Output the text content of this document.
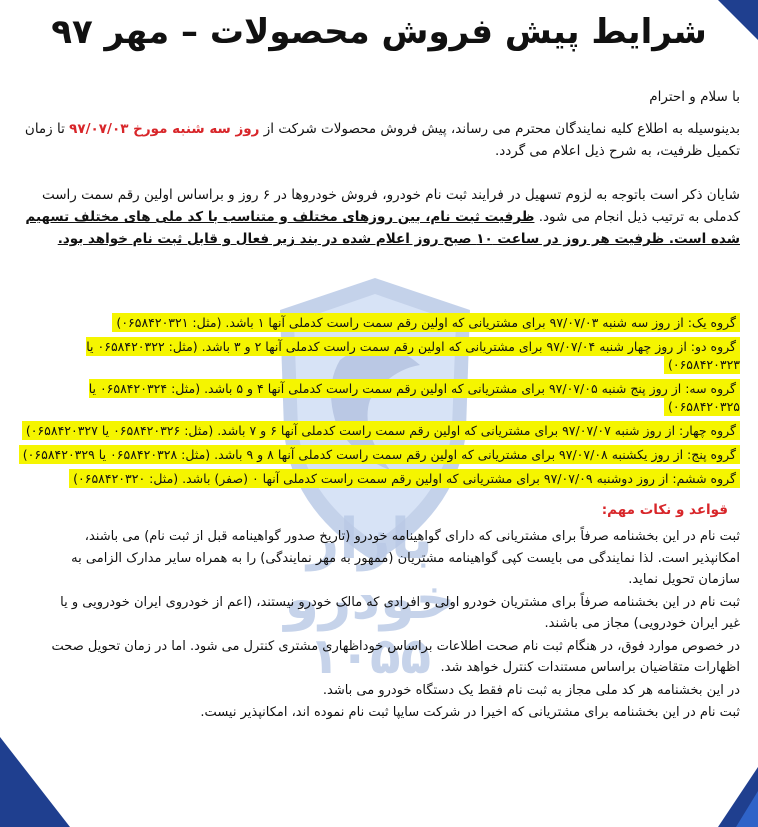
بازار خودرو
۱۰۵۵
شرایط پیش فروش محصولات – مهر ۹۷
با سلام و احترام
بدینوسیله به اطلاع کلیه نمایندگان محترم می رساند، پیش فروش محصولات شرکت از روز سه شنبه مورخ ۹۷/۰۷/۰۳ تا زمان تکمیل ظرفیت، به شرح ذیل اعلام می گردد.
شایان ذکر است باتوجه به لزوم تسهیل در فرایند ثبت نام خودرو، فروش خودروها در ۶ روز و براساس اولین رقم سمت راست کدملی به ترتیب ذیل انجام می شود. ظرفیت ثبت نام، بین روزهای مختلف و متناسب با کد ملی های مختلف تسهیم شده است. ظرفیت هر روز در ساعت ۱۰ صبح روز اعلام شده در بند زیر فعال و قابل ثبت نام خواهد بود.
گروه یک: از روز سه شنبه ۹۷/۰۷/۰۳ برای مشتریانی که اولین رقم سمت راست کدملی آنها ۱ باشد. (مثل: ۰۶۵۸۴۲۰۳۲۱)
گروه دو: از روز چهار شنبه ۹۷/۰۷/۰۴ برای مشتریانی که اولین رقم سمت راست کدملی آنها ۲ و ۳ باشد. (مثل: ۰۶۵۸۴۲۰۳۲۲ یا ۰۶۵۸۴۲۰۳۲۳)
گروه سه: از روز پنج شنبه ۹۷/۰۷/۰۵ برای مشتریانی که اولین رقم سمت راست کدملی آنها ۴ و ۵ باشد. (مثل: ۰۶۵۸۴۲۰۳۲۴ یا ۰۶۵۸۴۲۰۳۲۵)
گروه چهار: از روز شنبه ۹۷/۰۷/۰۷ برای مشتریانی که اولین رقم سمت راست کدملی آنها ۶ و ۷ باشد. (مثل: ۰۶۵۸۴۲۰۳۲۶ یا ۰۶۵۸۴۲۰۳۲۷)
گروه پنج: از روز یکشنبه ۹۷/۰۷/۰۸ برای مشتریانی که اولین رقم سمت راست کدملی آنها ۸ و ۹ باشد. (مثل: ۰۶۵۸۴۲۰۳۲۸ یا ۰۶۵۸۴۲۰۳۲۹)
گروه ششم: از روز دوشنبه ۹۷/۰۷/۰۹ برای مشتریانی که اولین رقم سمت راست کدملی آنها ۰ (صفر) باشد. (مثل: ۰۶۵۸۴۲۰۳۲۰)
قواعد و نکات مهم:

ثبت نام در این بخشنامه صرفاً برای مشتریانی که دارای گواهینامه خودرو (تاریخ صدور گواهینامه قبل از ثبت نام) می باشند، امکانپذیر است. لذا نمایندگی می بایست کپی گواهینامه مشتریان (ممهور به مهر نمایندگی) را به همراه سایر مدارک الزامی به سازمان تحویل نماید.

ثبت نام در این بخشنامه صرفاً برای مشتریان خودرو اولی و افرادی که مالک خودرو نیستند، (اعم از خودروی ایران خودرویی و یا غیر ایران خودرویی) مجاز می باشند.

در خصوص موارد فوق، در هنگام ثبت نام صحت اطلاعات براساس خوداظهاری مشتری کنترل می شود. اما در زمان تحویل صحت اظهارات متقاضیان براساس مستندات کنترل خواهد شد.

در این بخشنامه هر کد ملی مجاز به ثبت نام فقط یک دستگاه خودرو می باشد.

ثبت نام در این بخشنامه برای مشتریانی که اخیرا در شرکت سایپا ثبت نام نموده اند، امکانپذیر نیست.
